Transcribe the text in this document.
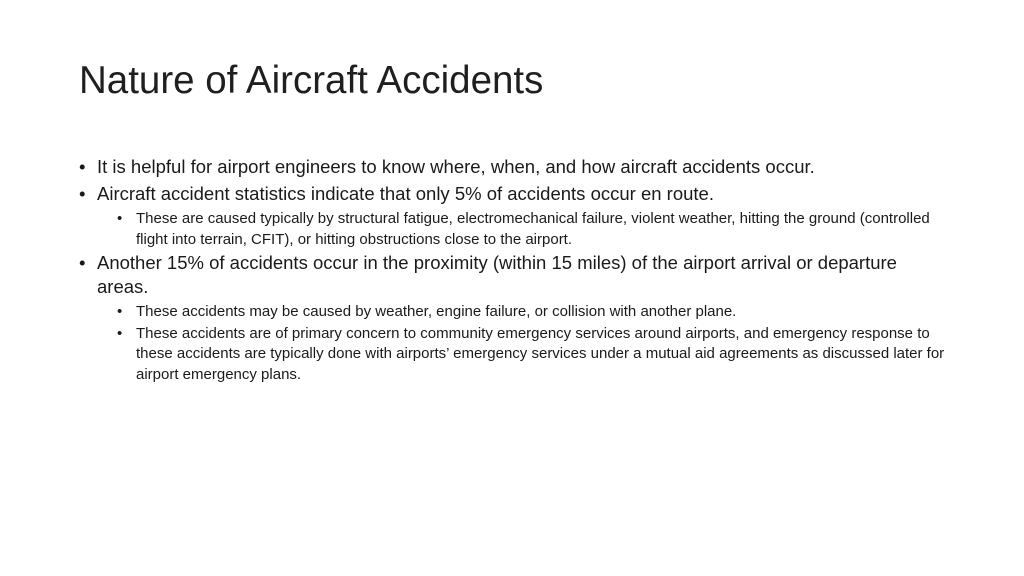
Nature of Aircraft Accidents
• It is helpful for airport engineers to know where, when, and how aircraft accidents occur.
• Aircraft accident statistics indicate that only 5% of accidents occur en route.
• These are caused typically by structural fatigue, electromechanical failure, violent weather, hitting the ground (controlled flight into terrain, CFIT), or hitting obstructions close to the airport.
• Another 15% of accidents occur in the proximity (within 15 miles) of the airport arrival or departure areas.
• These accidents may be caused by weather, engine failure, or collision with another plane.
• These accidents are of primary concern to community emergency services around airports, and emergency response to these accidents are typically done with airports’ emergency services under a mutual aid agreements as discussed later for airport emergency plans.
